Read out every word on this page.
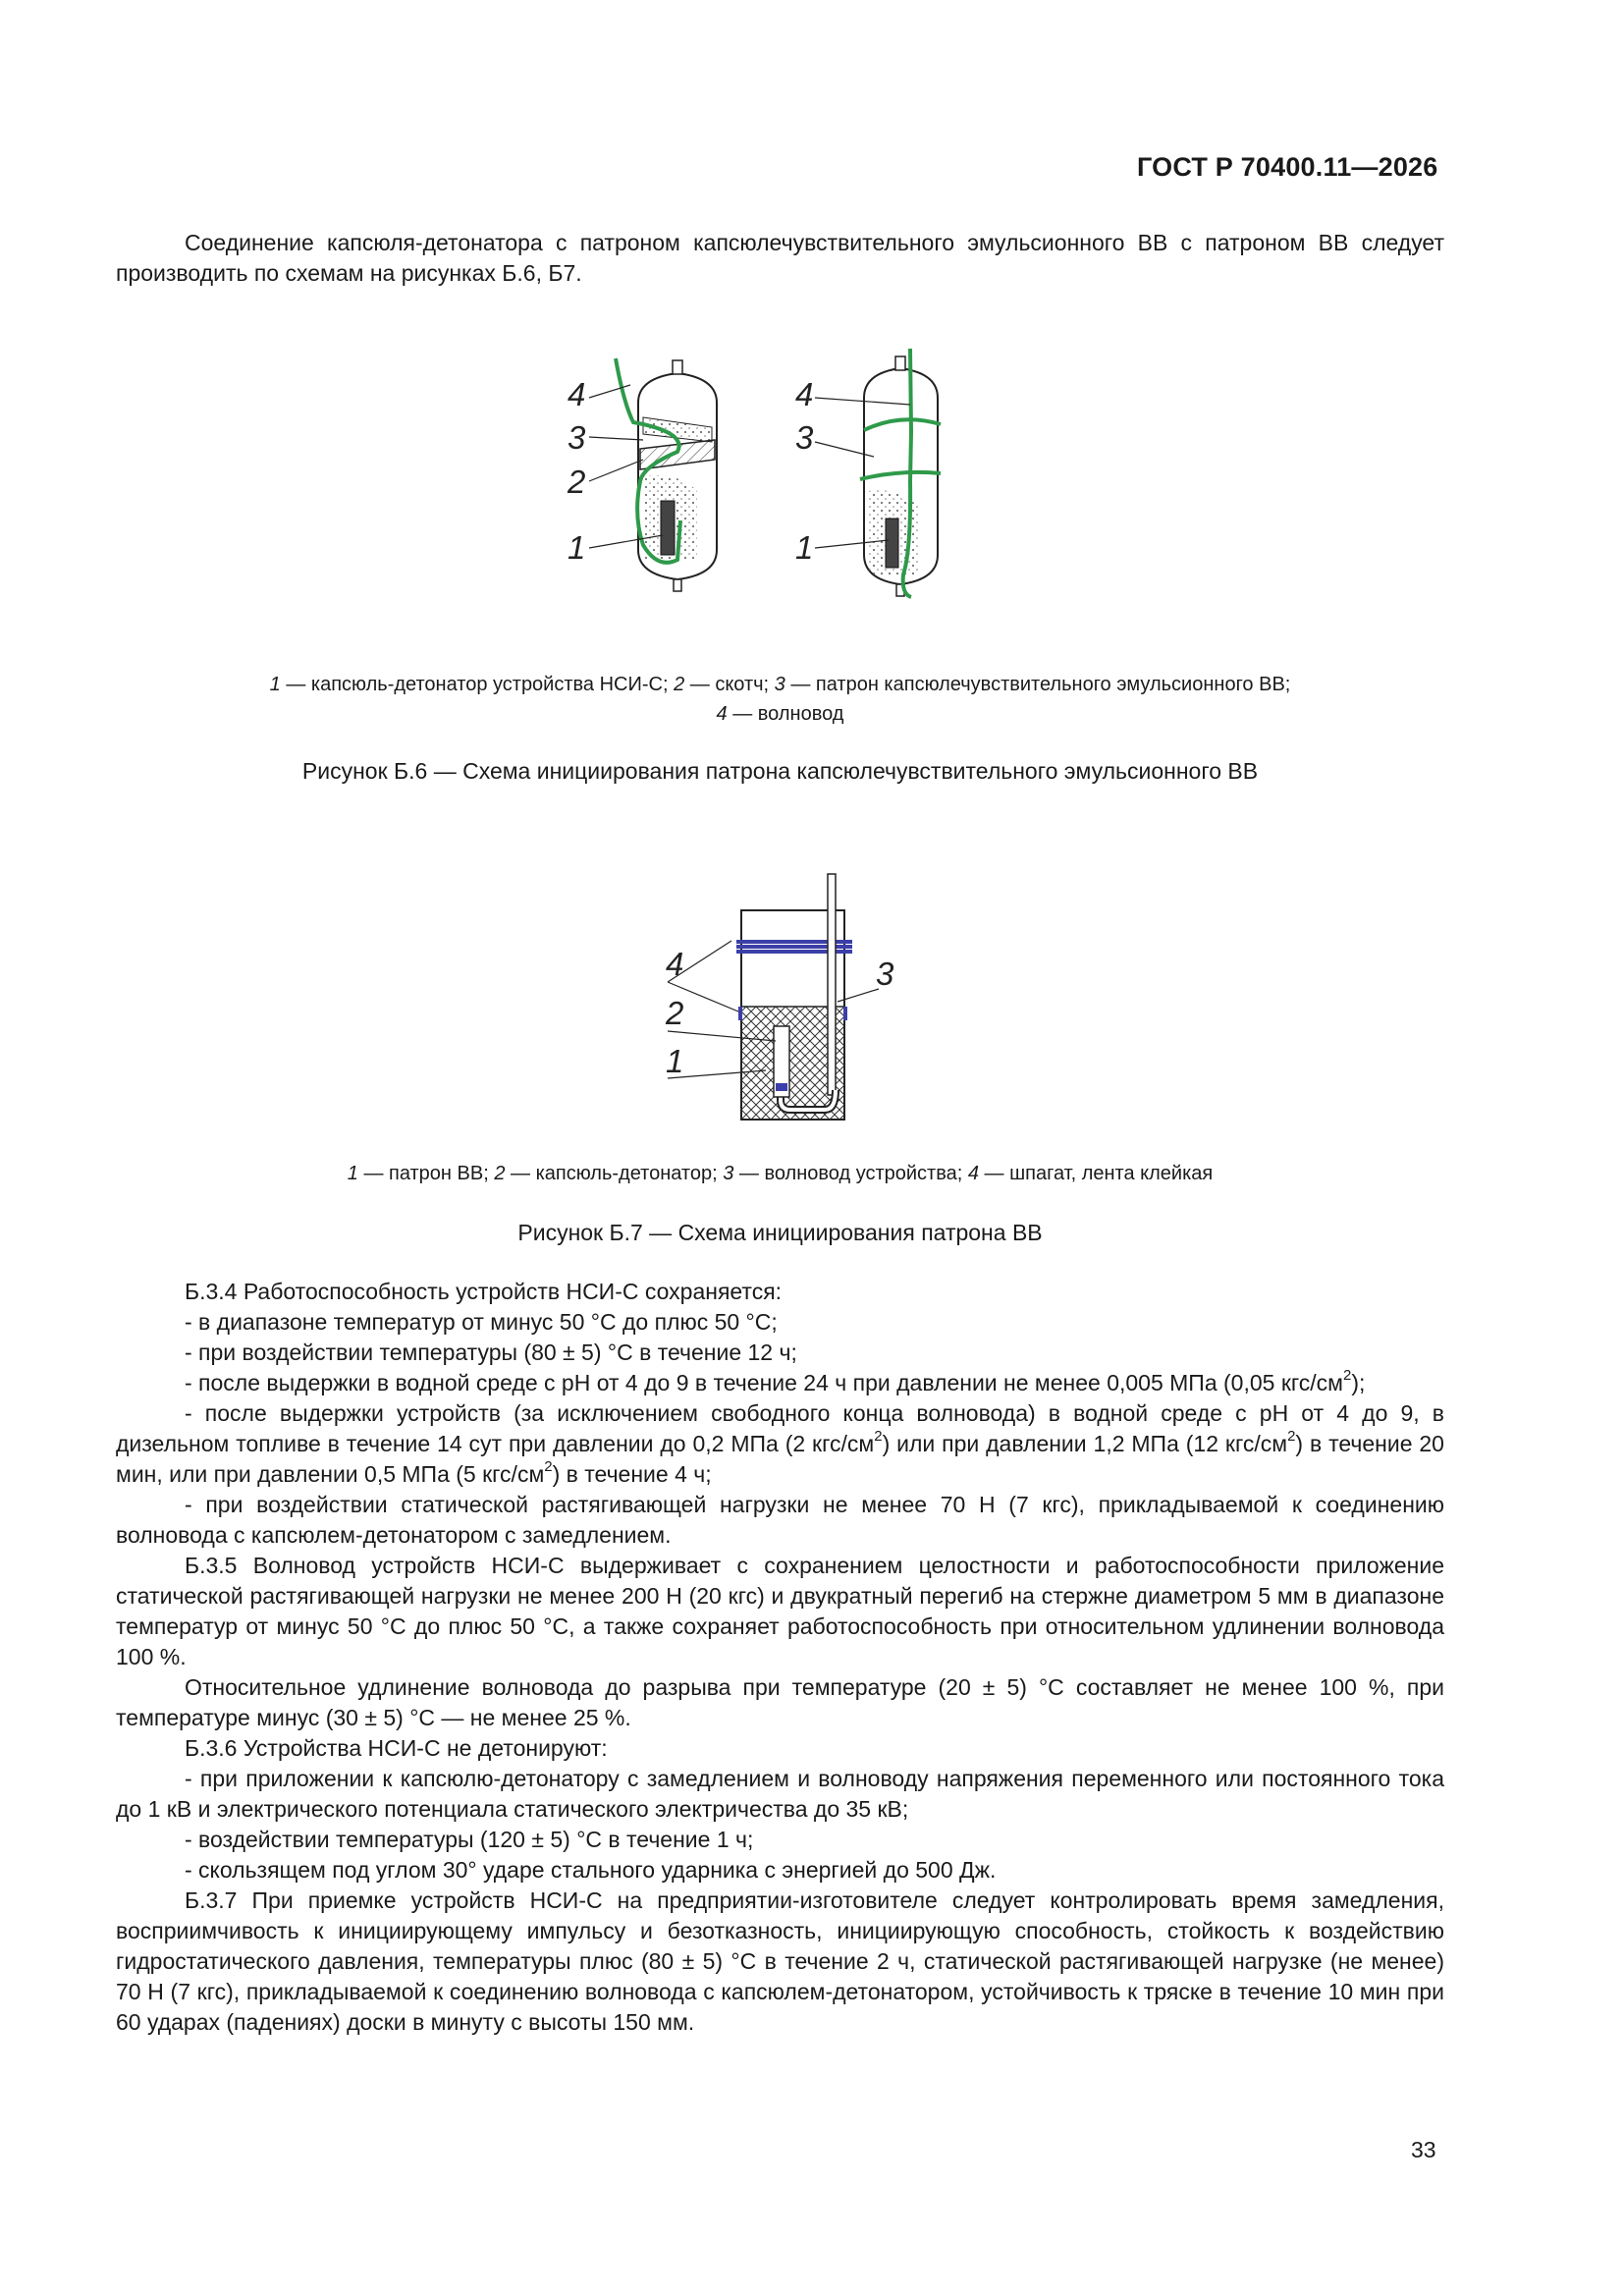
ГОСТ Р 70400.11—2026
Соединение капсюля-детонатора с патроном капсюлечувствительного эмульсионного ВВ с патроном ВВ следует производить по схемам на рисунках Б.6, Б7.
4
3
2
1
4
3
1
1 — капсюль-детонатор устройства НСИ-С; 2 — скотч; 3 — патрон капсюлечувствительного эмульсионного ВВ;
4 — волновод
Рисунок Б.6 — Схема инициирования патрона капсюлечувствительного эмульсионного ВВ
4	3
2
1
1 — патрон ВВ; 2 — капсюль-детонатор; 3 — волновод устройства; 4 — шпагат, лента клейкая
Рисунок Б.7 — Схема инициирования патрона ВВ

Б.3.4 Работоспособность устройств НСИ-С сохраняется:

- в диапазоне температур от минус 50 °С до плюс 50 °С;

- при воздействии температуры (80 ± 5) °С в течение 12 ч;

- после выдержки в водной среде с рН от 4 до 9 в течение 24 ч при давлении не менее 0,005 МПа (0,05 кгс/$см^2$);

- после выдержки устройств (за исключением свободного конца волновода) в водной среде с рН от 4 до 9, в дизельном топливе в течение 14 сут при давлении до 0,2 МПа (2 кгс/$см^2$) или при давлении 1,2 МПа (12 кгс/$см^2$) в течение 20 мин, или при давлении 0,5 МПа (5 кгс/$см^2$) в течение 4 ч;

- при воздействии статической растягивающей нагрузки не менее 70 Н (7 кгс), прикладываемой к соединению волновода с капсюлем-детонатором с замедлением.

Б.3.5 Волновод устройств НСИ-С выдерживает с сохранением целостности и работоспособности приложение статической растягивающей нагрузки не менее 200 Н (20 кгс) и двукратный перегиб на стержне диаметром 5 мм в диапазоне температур от минус 50 °С до плюс 50 °С, а также сохраняет работоспособность при относительном удлинении волновода 100 %.

Относительное удлинение волновода до разрыва при температуре (20 ± 5) °С составляет не менее 100 %, при температуре минус (30 ± 5) °С — не менее 25 %.

Б.3.6 Устройства НСИ-С не детонируют:

- при приложении к капсюлю-детонатору с замедлением и волноводу напряжения переменного или постоянного тока до 1 кВ и электрического потенциала статического электричества до 35 кВ;

- воздействии температуры (120 ± 5) °С в течение 1 ч;

- скользящем под углом 30° ударе стального ударника с энергией до 500 Дж.

Б.3.7 При приемке устройств НСИ-С на предприятии-изготовителе следует контролировать время замедления, восприимчивость к инициирующему импульсу и безотказность, инициирующую способность, стойкость к воздействию гидростатического давления, температуры плюс (80 ± 5) °С в течение 2 ч, статической растягивающей нагрузке (не менее) 70 Н (7 кгс), прикладываемой к соединению волновода с капсюлем-детонатором, устойчивость к тряске в течение 10 мин при 60 ударах (падениях) доски в минуту с высоты 150 мм.

33
